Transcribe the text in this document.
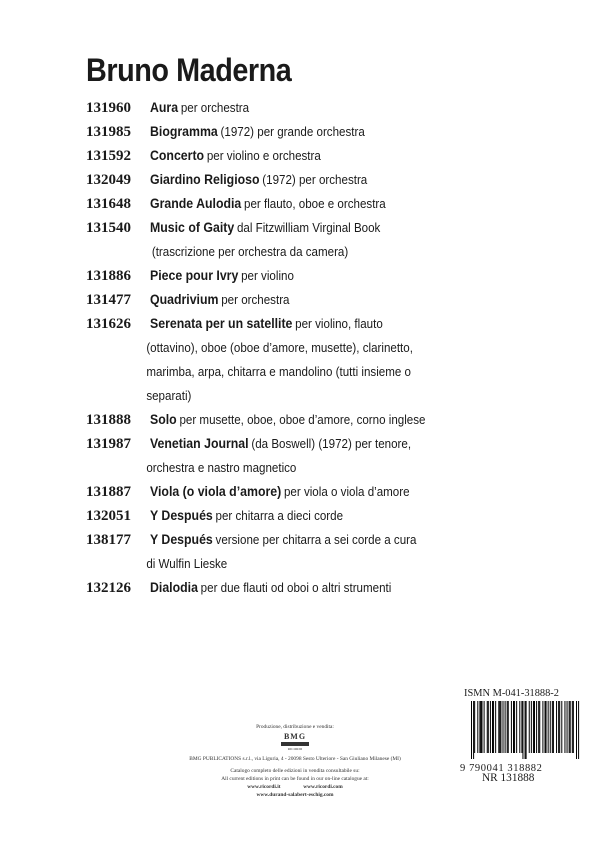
Bruno Maderna
131960 Aura per orchestra
131985 Biogramma (1972) per grande orchestra
131592 Concerto per violino e orchestra
132049 Giardino Religioso (1972) per orchestra
131648 Grande Aulodia per flauto, oboe e orchestra
131540 Music of Gaity dal Fitzwilliam Virginal Book
(trascrizione per orchestra da camera)
131886 Piece pour Ivry per violino
131477 Quadrivium per orchestra
131626 Serenata per un satellite per violino, flauto
(ottavino), oboe (oboe d’amore, musette), clarinetto,
marimba, arpa, chitarra e mandolino (tutti insieme o
separati)
131888 Solo per musette, oboe, oboe d’amore, corno inglese
131987 Venetian Journal (da Boswell) (1972) per tenore,
orchestra e nastro magnetico
131887 Viola (o viola d’amore) per viola o viola d’amore
132051 Y Después per chitarra a dieci corde
138177 Y Después versione per chitarra a sei corde a cura
di Wulfin Lieske
132126 Dialodia per due flauti od oboi o altri strumenti
Produzione, distribuzione e vendita:
BMG
RICORDI
BMG PUBLICATIONS s.r.l., via Liguria, 4 - 20098 Sesto Ulteriore - San Giuliano Milanese (MI)
Catalogo completo delle edizioni in vendita consultabile su:
All current editions in print can be found in our on-line catalogue at:
www.ricordi.it	www.ricordi.com
www.durand-salabert-eschig.com
ISMN M-041-31888-2
9 790041 318882
NR 131888
